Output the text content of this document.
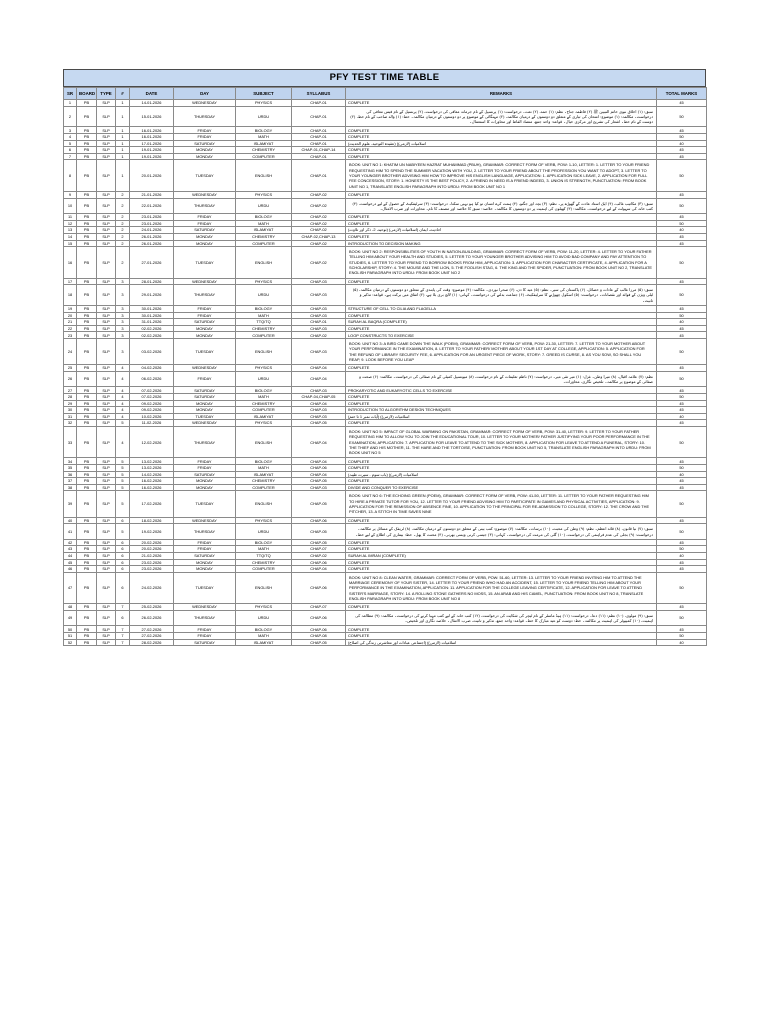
PFY TEST TIME TABLE
SR	BOARD	TYPE	#	DATE	DAY	SUBJECT	SYLLABUS	REMARKS	TOTAL MARKS
1	PB	SLP	1	14-01-2026	WEDNESDAY	PHYSICS	CHAP-01	COMPLETE	45
2	PB	SLP	1	15-01-2026	THURSDAY	URDU	CHAP-01	سبق: (۱) اخلاق نبوی خاتم النبیین ﷺ (۲) فاطمہ جناح۔ نظم: (۱) حمد، (۲) نعت۔ درخواست: (۱) پرنسپل کے نام جرمانہ معافی کی درخواست، (۲) پرنسپل کے نام فیس معافی کی درخواست۔ مکالمہ: (۱) موضوع: امتحان کی تیاری کے متعلق دو دوستوں کے درمیان مکالمہ، (۲) مہنگائی کے موضوع پر دو دوستوں کے درمیان مکالمہ۔ خط: (۱) والد صاحب کے نام خط، (۲) دوست کے نام خط۔ اشعار کی تشریح اور مرکزی خیال۔ قواعد: واحد جمع، متضاد الفاظ اور محاورات کا استعمال۔	50
3	PB	SLP	1	16-01-2026	FRIDAY	BIOLOGY	CHAP-01	COMPLETE	45
4	PB	SLP	1	16-01-2026	FRIDAY	MATH	CHAP-01	COMPLETE	50
5	PB	SLP	1	17-01-2026	SATURDAY	ISLAMIYAT	CHAP-01	(عقیدہ التوحید، علوم الحدیث) (اسلامیات (لازمی)	40
6	PB	SLP	1	19-01-2026	MONDAY	CHEMISTRY	CHAP-01,CHAP-14	COMPLETE	45
7	PB	SLP	1	19-01-2026	MONDAY	COMPUTER	CHAP-01	COMPLETE	45
8	PB	SLP	1	20-01-2026	TUESDAY	ENGLISH	CHAP-01	BOOK: UNIT NO 1: KHATIM UN NABIYEEN HAZRAT MUHAMMAD (PBUH), GRAMMAR: CORRECT FORM OF VERB, POW: 1-10, LETTER: 1. LETTER TO YOUR FRIEND REQUESTING HIM TO SPEND THE SUMMER VACATION WITH YOU, 2. LETTER TO YOUR FRIEND ABOUT THE PROFESSION YOU WANT TO ADOPT, 3. LETTER TO YOUR YOUNGER BROTHER ADVISING HIM HOW TO IMPROVE HIS ENGLISH LANGUAGE, APPLICATION: 1. APPLICATION SICK LEAVE, 2. APPLICATION FOR FULL FEE CONCESSION, STORY: 1. HONESTY IS THE BEST POLICY, 2. A FRIEND IN NEED IS A FRIEND INDEED, 3. UNION IS STRENGTH, PUNCTUATION: FROM BOOK UNIT NO 1, TRANSLATE ENGLISH PARAGRAPH INTO URDU: FROM BOOK UNIT NO 1	50
9	PB	SLP	2	21-01-2026	WEDNESDAY	PHYSICS	CHAP-02	COMPLETE	45
10	PB	SLP	2	22-01-2026	THURSDAY	URDU	CHAP-02	سبق: (۳) مکاتیب غالب، (۴) ایک استاد عادت کے گھوڑے پر۔ نظم: (۳) بچہ اور جگنو، (۴) ہمت کرے انسان تو کیا ہو نہیں سکتا۔ درخواست: (۳) سرٹیفکیٹ کے حصول کے لیے درخواست، (۴) کتب خانہ کی سہولت کے لیے درخواست۔ مکالمہ: (۳) کھیلوں کی اہمیت پر دو دوستوں کا مکالمہ۔ خلاصہ: سبق کا خلاصہ اور مصنف کا نام۔ محاورات اور ضرب الامثال۔	50
11	PB	SLP	2	23-01-2026	FRIDAY	BIOLOGY	CHAP-02	COMPLETE	45
12	PB	SLP	2	23-01-2026	FRIDAY	MATH	CHAP-02	COMPLETE	50
13	PB	SLP	2	24-01-2026	SATURDAY	ISLAMIYAT	CHAP-02	(توحید، 2- ذکر اور تلاوت) احادیث، ایمان (اسلامیات (لازمی)	40
14	PB	SLP	2	26-01-2026	MONDAY	CHEMISTRY	CHAP-02,CHAP-13	COMPLETE	45
15	PB	SLP	2	26-01-2026	MONDAY	COMPUTER	CHAP-02	INTRODUCTION TO DECISION MAKING	45
16	PB	SLP	2	27-01-2026	TUESDAY	ENGLISH	CHAP-02	BOOK: UNIT NO 2: RESPONSIBILITIES OF YOUTH IN NATION-BUILDING, GRAMMAR: CORRECT FORM OF VERB, POW: 11-20, LETTER: 4. LETTER TO YOUR FATHER TELLING HIM ABOUT YOUR HEALTH AND STUDIES, 5. LETTER TO YOUR YOUNGER BROTHER ADVISING HIM TO AVOID BAD COMPANY AND PAY ATTENTION TO STUDIES, 6. LETTER TO YOUR FRIEND TO BORROW BOOKS FROM HIM, APPLICATION: 3. APPLICATION FOR CHARACTER CERTIFICATE, 4. APPLICATION FOR A SCHOLARSHIP, STORY: 4. THE MOUSE AND THE LION, 5. THE FOOLISH STAG, 6. THE KING AND THE SPIDER, PUNCTUATION: FROM BOOK UNIT NO 2, TRANSLATE ENGLISH PARAGRAPH INTO URDU: FROM BOOK UNIT NO 2	50
17	PB	SLP	3	28-01-2026	WEDNESDAY	PHYSICS	CHAP-03	COMPLETE	45
18	PB	SLP	3	29-01-2026	THURSDAY	URDU	CHAP-03	سبق: (۵) مرزا غالب کے عادات و خصائل، (۶) پاکستان کی سیر۔ نظم: (۵) عید کا دن، (۶) صحرا نوردی۔ مکالمہ: (۴) موضوع: وقت کی پابندی کے متعلق دو دوستوں کے درمیان مکالمہ، (۵) ٹیلی ویژن کے فوائد اور نقصانات۔ درخواست: (۵) اسکول چھوڑنے کا سرٹیفکیٹ، (۶) جماعت بدلنے کی درخواست۔ کہانی: (۱) لالچ بری بلا ہے، (۲) اتفاق میں برکت ہے۔ قواعد: تذکیر و تانیث۔	50
19	PB	SLP	3	30-01-2026	FRIDAY	BIOLOGY	CHAP-03	STRUCTURE OF CELL TO CILIA AND FLAGELLA	45
20	PB	SLP	3	30-01-2026	FRIDAY	MATH	CHAP-03	COMPLETE	50
21	PB	SLP	3	31-01-2026	SATURDAY	TTQ/TQ	CHAP-01	SURAH AL BAQRA (COMPLETE)	40
22	PB	SLP	3	02-02-2026	MONDAY	CHEMISTRY	CHAP-03	COMPLETE	45
23	PB	SLP	3	02-02-2026	MONDAY	COMPUTER	CHAP-02	LOOP CONSTRUCTS TO EXERCISE	45
24	PB	SLP	3	03-02-2026	TUESDAY	ENGLISH	CHAP-03	BOOK: UNIT NO 3: A BIRD CAME DOWN THE WALK (POEM), GRAMMAR: CORRECT FORM OF VERB, POW: 21-30, LETTER: 7. LETTER TO YOUR MOTHER ABOUT YOUR PERFORMANCE IN THE EXAMINATION, 8. LETTER TO YOUR FATHER/ MOTHER ABOUT YOUR 1ST DAY AT COLLEGE, APPLICATION: 5. APPLICATION FOR THE REFUND OF LIBRARY SECURITY FEE, 6. APPLICATION FOR AN URGENT PIECE OF WORK, STORY: 7. GREED IS CURSE, 8. AS YOU SOW, SO SHALL YOU REAP, 9. LOOK BEFORE YOU LEAP	50
25	PB	SLP	4	04-02-2026	WEDNESDAY	PHYSICS	CHAP-04	COMPLETE	45
26	PB	SLP	4	06-02-2026	FRIDAY	URDU	CHAP-04	نظم: (۷) علامہ اقبال، (۸) میرا وطن۔ غزل: (۱) میر تقی میر۔ درخواست: (۷) ناظم تعلیمات کے نام درخواست، (۸) میونسپل کمیٹی کے نام صفائی کی درخواست۔ مکالمہ: (۶) صحت و صفائی کے موضوع پر مکالمہ۔ تلخیص نگاری، محاورات۔	50
27	PB	SLP	4	07-02-2026	SATURDAY	BIOLOGY	CHAP-03	PROKARYOTIC AND EUKARYOTIC CELLS TO EXERCISE	45
28	PB	SLP	4	07-02-2026	SATURDAY	MATH	CHAP-04,CHAP-05	COMPLETE	50
29	PB	SLP	4	09-02-2026	MONDAY	CHEMISTRY	CHAP-04	COMPLETE	45
30	PB	SLP	4	09-02-2026	MONDAY	COMPUTER	CHAP-03	INTRODUCTION TO ALGORITHM DESIGN TECHNIQUES	45
31	PB	SLP	4	10-02-2026	TUESDAY	ISLAMIYAT	CHAP-03	(آیات نمبر 1 تا ختم) (اسلامیات (لازمی)	40
32	PB	SLP	5	11-02-2026	WEDNESDAY	PHYSICS	CHAP-05	COMPLETE	45
33	PB	SLP	4	12-02-2026	THURSDAY	ENGLISH	CHAP-04	BOOK: UNIT NO 5: IMPACT OF GLOBAL WARMING ON PAKISTAN, GRAMMAR: CORRECT FORM OF VERB, POW: 31-40, LETTER: 9. LETTER TO YOUR FATHER REQUESTING HIM TO ALLOW YOU TO JOIN THE EDUCATIONAL TOUR, 10. LETTER TO YOUR MOTHER/ FATHER JUSTIFYING YOUR POOR PERFORMANCE IN THE EXAMINATION, APPLICATION: 7. APPLICATION FOR LEAVE TO ATTEND TO THE SICK MOTHER, 8. APPLICATION FOR LEAVE TO ATTEND A FUNERAL, STORY: 10. THE THIEF AND HIS MOTHER, 11. THE HARE AND THE TORTOISE, PUNCTUATION: FROM BOOK UNIT NO 5, TRANSLATE ENGLISH PARAGRAPH INTO URDU: FROM BOOK UNIT NO 5	50
34	PB	SLP	5	13-02-2026	FRIDAY	BIOLOGY	CHAP-04	COMPLETE	45
35	PB	SLP	5	13-02-2026	FRIDAY	MATH	CHAP-06	COMPLETE	50
36	PB	SLP	5	14-02-2026	SATURDAY	ISLAMIYAT	CHAP-04	(باب سوم - سیرت طیبہ) (اسلامیات (لازمی)	40
37	PB	SLP	5	16-02-2026	MONDAY	CHEMISTRY	CHAP-05	COMPLETE	45
38	PB	SLP	5	16-02-2026	MONDAY	COMPUTER	CHAP-03	DIVIDE AND CONQUER TO EXERCISE	45
39	PB	SLP	5	17-02-2026	TUESDAY	ENGLISH	CHAP-05	BOOK: UNIT NO 6: THE ECHOING GREEN (POEM), GRAMMAR: CORRECT FORM OF VERB, POW: 41-50, LETTER: 11. LETTER TO YOUR FATHER REQUESTING HIM TO HIRE A PRIVATE TUTOR FOR YOU, 12. LETTER TO YOUR FRIEND ADVISING HIM TO PARTICIPATE IN GAMES AND PHYSICAL ACTIVITIES, APPLICATION: 9. APPLICATION FOR THE REMISSION OF ABSENCE FINE, 10. APPLICATION TO THE PRINCIPAL FOR RE-ADMISSION TO COLLEGE, STORY: 12. THE CROW AND THE PITCHER, 13. A STITCH IN TIME SAVES NINE	50
40	PB	SLP	6	18-02-2026	WEDNESDAY	PHYSICS	CHAP-06	COMPLETE	45
41	PB	SLP	5	19-02-2026	THURSDAY	URDU	CHAP-05	سبق: (۷) نیا قانون، (۸) قائد اعظم۔ نظم: (۹) وطن کی محبت، (۱۰) برسات۔ مکالمہ: (۷) موضوع: کتب بینی کے متعلق دو دوستوں کے درمیان مکالمہ، (۸) ٹریفک کے مسائل پر مکالمہ۔ درخواست: (۹) بجلی کی عدم فراہمی کی درخواست، (۱۰) گلی کی مرمت کی درخواست۔ کہانی: (۳) جیسی کرنی ویسی بھرنی، (۴) محنت کا پھل۔ خط: بیماری کی اطلاع کے لیے خط۔	50
42	PB	SLP	6	20-02-2026	FRIDAY	BIOLOGY	CHAP-05	COMPLETE	45
43	PB	SLP	6	20-02-2026	FRIDAY	MATH	CHAP-07	COMPLETE	50
44	PB	SLP	6	21-02-2026	SATURDAY	TTQ/TQ	CHAP-02	SURAH AL IMRAN (COMPLETE)	40
45	PB	SLP	6	23-02-2026	MONDAY	CHEMISTRY	CHAP-06	COMPLETE	45
46	PB	SLP	6	23-02-2026	MONDAY	COMPUTER	CHAP-04	COMPLETE	45
47	PB	SLP	6	24-02-2026	TUESDAY	ENGLISH	CHAP-06	BOOK: UNIT NO 8: CLEAN WATER, GRAMMAR: CORRECT FORM OF VERB, POW: 51-60, LETTER: 13. LETTER TO YOUR FRIEND INVITING HIM TO ATTEND THE MARRIAGE CEREMONY OF YOUR SISTER, 14. LETTER TO YOUR FRIEND WHO HAD AN ACCIDENT, 15. LETTER TO YOUR FRIEND TELLING HIM ABOUT YOUR PERFORMANCE IN THE EXAMINATION, APPLICATION: 11. APPLICATION FOR THE COLLEGE LEAVING CERTIFICATE, 12. APPLICATION FOR LEAVE TO ATTEND SISTER'S MARRIAGE, STORY: 14. A ROLLING STONE GATHERS NO MOSS, 15. AN ARAB AND HIS CAMEL, PUNCTUATION: FROM BOOK UNIT NO 8, TRANSLATE ENGLISH PARAGRAPH INTO URDU: FROM BOOK UNIT NO 8	50
48	PB	SLP	7	25-02-2026	WEDNESDAY	PHYSICS	CHAP-07	COMPLETE	45
49	PB	SLP	6	26-02-2026	THURSDAY	URDU	CHAP-06	سبق: (۹) مولوی، (۱۰) نظم: (۱۱) دعا۔ درخواست: (۱۱) ہیڈ ماسٹر کے نام ٹیچر کی شکایت کی درخواست، (۱۲) کتب خانہ کے لیے کتب مہیا کرنے کی درخواست۔ مکالمہ: (۹) مطالعہ کی اہمیت، (۱۰) کمپیوٹر کی اہمیت پر مکالمہ۔ خط: دوست کو عید مبارک کا خط۔ قواعد: واحد جمع، تذکیر و تانیث، ضرب الامثال۔ خلاصہ نگاری اور تلخیص۔	50
50	PB	SLP	7	27-02-2026	FRIDAY	BIOLOGY	CHAP-06	COMPLETE	45
51	PB	SLP	7	27-02-2026	FRIDAY	MATH	CHAP-08	COMPLETE	50
52	PB	SLP	7	28-02-2026	SATURDAY	ISLAMIYAT	CHAP-05	(اجتماعی عبادات اور معاشرتی زندگی کی اصلاح) (اسلامیات (لازمی)	40
